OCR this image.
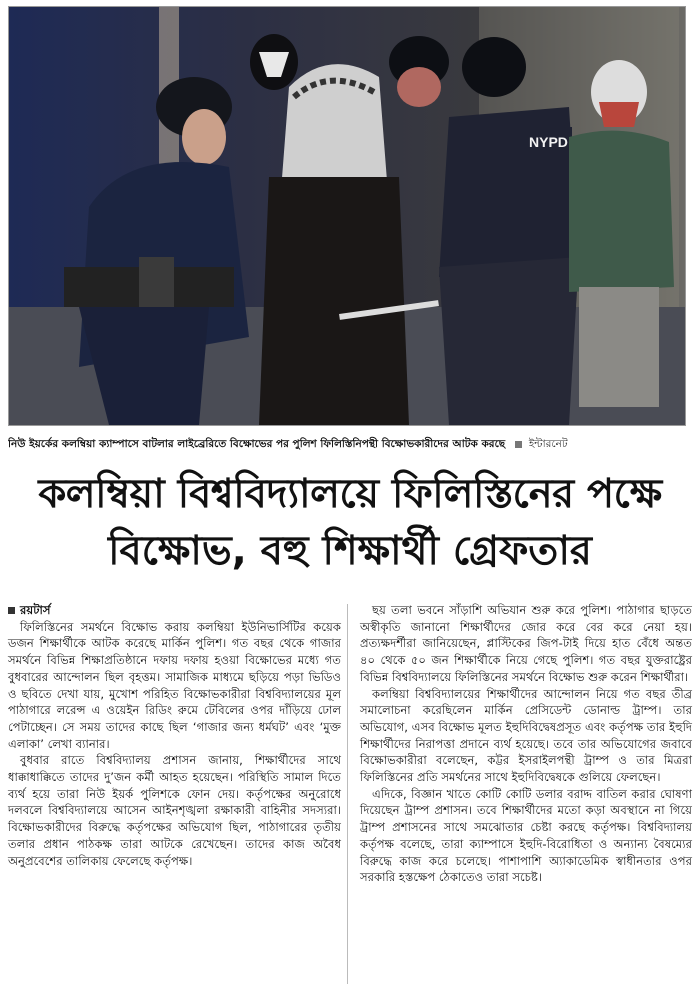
NYPD
নিউ ইয়র্কের কলম্বিয়া ক্যাম্পাসে বাটলার লাইব্রেরিতে বিক্ষোভের পর পুলিশ ফিলিস্তিনিপন্থী বিক্ষোভকারীদের আটক করছে ইন্টারনেট
কলম্বিয়া বিশ্ববিদ্যালয়ে ফিলিস্তিনের পক্ষে
বিক্ষোভ, বহু শিক্ষার্থী গ্রেফতার

রয়টার্স

ফিলিস্তিনের সমর্থনে বিক্ষোভ করায় কলম্বিয়া ইউনিভার্সিটির কয়েক ডজন শিক্ষার্থীকে আটক করেছে মার্কিন পুলিশ। গত বছর থেকে গাজার সমর্থনে বিভিন্ন শিক্ষাপ্রতিষ্ঠানে দফায় দফায় হওয়া বিক্ষোভের মধ্যে গত বুধবারের আন্দোলন ছিল বৃহত্তম। সামাজিক মাধ্যমে ছড়িয়ে পড়া ভিডিও ও ছবিতে দেখা যায়, মুখোশ পরিহিত বিক্ষোভকারীরা বিশ্ববিদ্যালয়ের মূল পাঠাগারে লরেন্স এ ওয়েইন রিডিং রুমে টেবিলের ওপর দাঁড়িয়ে ঢোল পেটাচ্ছেন। সে সময় তাদের কাছে ছিল ‘গাজার জন্য ধর্মঘট’ এবং ‘মুক্ত এলাকা’ লেখা ব্যানার।

বুধবার রাতে বিশ্ববিদ্যালয় প্রশাসন জানায়, শিক্ষার্থীদের সাথে ধাক্কাধাক্কিতে তাদের দু’জন কর্মী আহত হয়েছেন। পরিস্থিতি সামাল দিতে ব্যর্থ হয়ে তারা নিউ ইয়র্ক পুলিশকে ফোন দেয়। কর্তৃপক্ষের অনুরোধে দলবলে বিশ্ববিদ্যালয়ে আসেন আইনশৃঙ্খলা রক্ষাকারী বাহিনীর সদস্যরা। বিক্ষোভকারীদের বিরুদ্ধে কর্তৃপক্ষের অভিযোগ ছিল, পাঠাগারের তৃতীয় তলার প্রধান পাঠকক্ষ তারা আটকে রেখেছেন। তাদের কাজ অবৈধ অনুপ্রবেশের তালিকায় ফেলেছে কর্তৃপক্ষ।

ছয় তলা ভবনে সাঁড়াশি অভিযান শুরু করে পুলিশ। পাঠাগার ছাড়তে অস্বীকৃতি জানানো শিক্ষার্থীদের জোর করে বের করে নেয়া হয়। প্রত্যক্ষদর্শীরা জানিয়েছেন, প্লাস্টিকের জিপ-টাই দিয়ে হাত বেঁধে অন্তত ৪০ থেকে ৫০ জন শিক্ষার্থীকে নিয়ে গেছে পুলিশ। গত বছর যুক্তরাষ্ট্রের বিভিন্ন বিশ্ববিদ্যালয়ে ফিলিস্তিনের সমর্থনে বিক্ষোভ শুরু করেন শিক্ষার্থীরা।

কলম্বিয়া বিশ্ববিদ্যালয়ের শিক্ষার্থীদের আন্দোলন নিয়ে গত বছর তীব্র সমালোচনা করেছিলেন মার্কিন প্রেসিডেন্ট ডোনাল্ড ট্রাম্প। তার অভিযোগ, এসব বিক্ষোভ মূলত ইহুদিবিদ্বেষপ্রসূত এবং কর্তৃপক্ষ তার ইহুদি শিক্ষার্থীদের নিরাপত্তা প্রদানে ব্যর্থ হয়েছে। তবে তার অভিযোগের জবাবে বিক্ষোভকারীরা বলেছেন, কট্টর ইসরাইলপন্থী ট্রাম্প ও তার মিত্ররা ফিলিস্তিনের প্রতি সমর্থনের সাথে ইহুদিবিদ্বেষকে গুলিয়ে ফেলছেন।

এদিকে, বিজ্ঞান খাতে কোটি কোটি ডলার বরাদ্দ বাতিল করার ঘোষণা দিয়েছেন ট্রাম্প প্রশাসন। তবে শিক্ষার্থীদের মতো কড়া অবস্থানে না গিয়ে ট্রাম্প প্রশাসনের সাথে সমঝোতার চেষ্টা করছে কর্তৃপক্ষ। বিশ্ববিদ্যালয় কর্তৃপক্ষ বলেছে, তারা ক্যাম্পাসে ইহুদি-বিরোধিতা ও অন্যান্য বৈষম্যের বিরুদ্ধে কাজ করে চলেছে। পাশাপাশি অ্যাকাডেমিক স্বাধীনতার ওপর সরকারি হস্তক্ষেপ ঠেকাতেও তারা সচেষ্ট।
